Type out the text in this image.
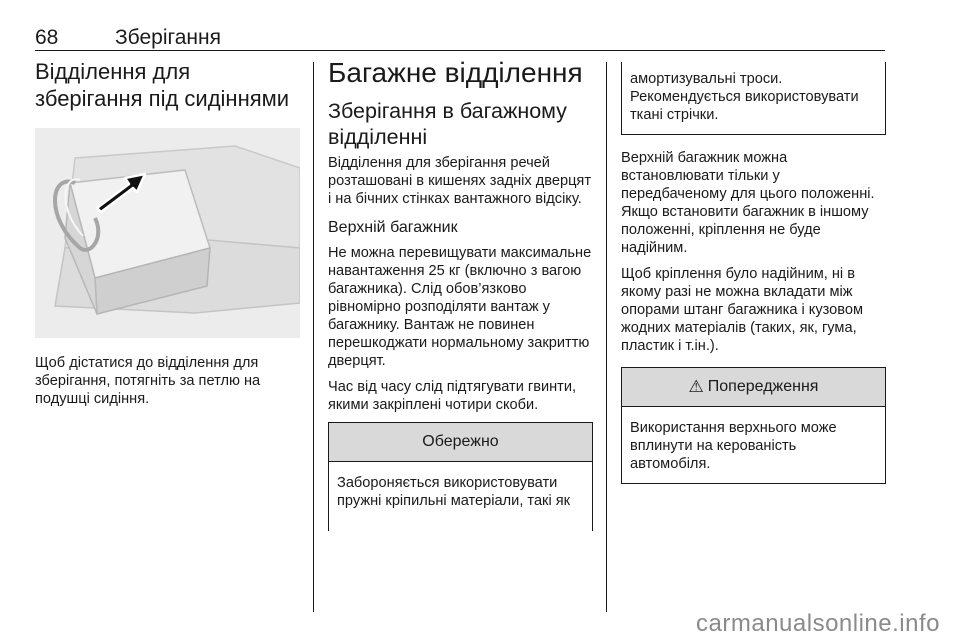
68	Зберігання
Відділення для зберігання під сидіннями

Щоб дістатися до відділення для зберігання, потягніть за петлю на подушці сидіння.

Багажне відділення
Зберігання в багажному відділенні

Відділення для зберігання речей розташовані в кишенях задніх дверцят і на бічних стінках вантажного відсіку.

Верхній багажник

Не можна перевищувати максимальне навантаження 25 кг (включно з вагою багажника). Слід обов’язково рівномірно розподіляти вантаж у багажнику. Вантаж не повинен перешкоджати нормальному закриттю дверцят.

Час від часу слід підтягувати гвинти, якими закріплені чотири скоби.

Обережно

Забороняється використовувати пружні кріпильні матеріали, такі як

амортизувальні троси. Рекомендується використовувати ткані стрічки.

Верхній багажник можна встановлювати тільки у передбаченому для цього положенні. Якщо встановити багажник в іншому положенні, кріплення не буде надійним.

Щоб кріплення було надійним, ні в якому разі не можна вкладати між опорами штанг багажника і кузовом жодних матеріалів (таких, як, гума, пластик і т.ін.).

⚠ Попередження

Використання верхнього може вплинути на керованість автомобіля.

carmanualsonline.info
